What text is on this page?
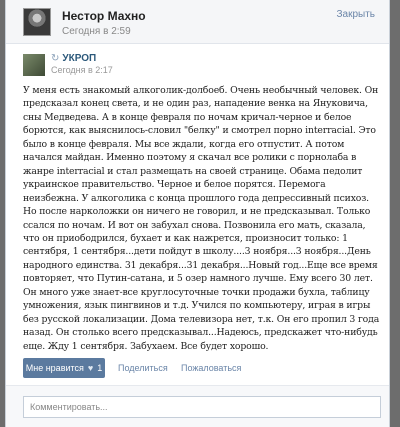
Нестор Махно
Сегодня в 2:59
Закрыть
↻ УКРОП
Сегодня в 2:17
У меня есть знакомый алкоголик-долбоеб. Очень необычный человек. Он предсказал конец света, и не один раз, нападение венка на Януковича, сны Медведева. А в конце февраля по ночам кричал-черное и белое борются, как выяснилось-словил "белку" и смотрел порно interracial. Это было в конце февраля. Мы все ждали, когда его отпустит. А потом начался майдан. Именно поэтому я скачал все ролики с порнолаба в жанре interracial и стал размещать на своей странице. Обама педолит украинское правительство. Черное и белое порятся. Перемога неизбежна. У алкоголика с конца прошлого года депрессивный психоз. Но после нарколожки он ничего не говорил, и не предсказывал. Только ссался по ночам. И вот он забухал снова. Позвонила его мать, сказала, что он приободрился, бухает и как нажрется, произносит только: 1 сентября, 1 сентября...дети пойдут в школу....3 ноября...3 ноября...День народного единства. 31 декабря...31 декабря...Новый год...Еще все время повторяет, что Путин-сатана, и 5 озер намного лучше. Ему всего 30 лет. Он много уже знает-все круглосуточные точки продажи бухла, таблицу умножения, язык пингвинов и т.д. Учился по компьютеру, играя в игры без русской локализации. Дома телевизора нет, т.к. Он его пропил 3 года назад. Он столько всего предсказывал...Надеюсь, предскажет что-нибудь еще. Жду 1 сентября. Забухаем. Все будет хорошо.
Мне нравится ♥ 1 Поделиться Пожаловаться
Комментировать...
